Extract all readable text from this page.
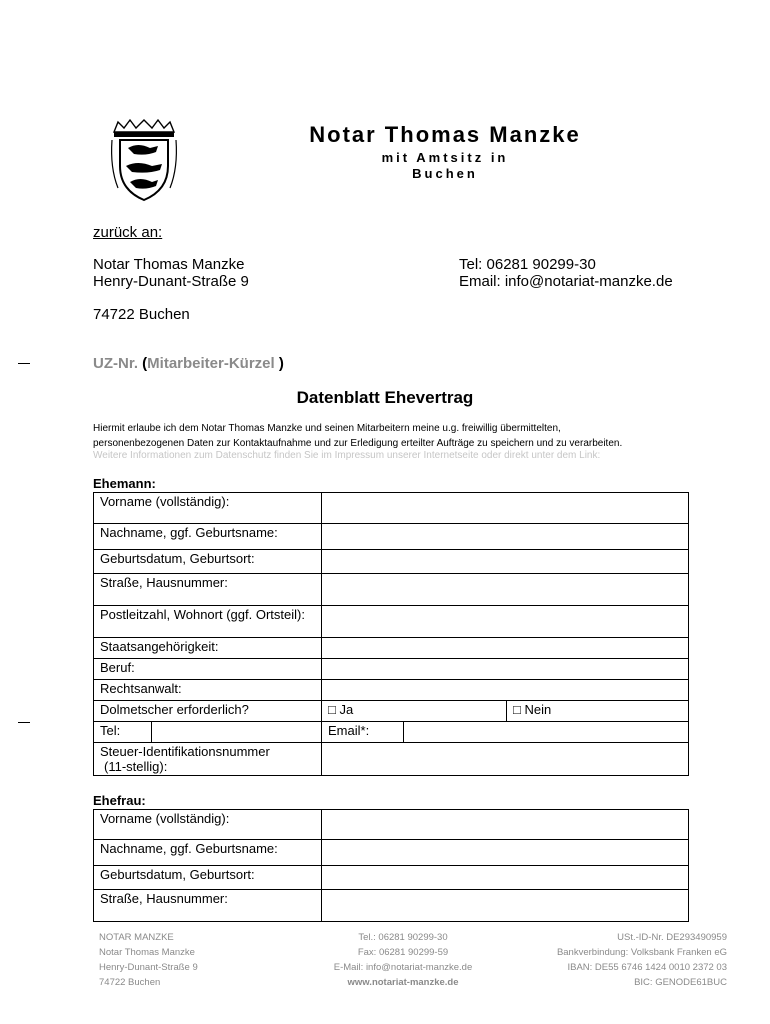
Notar Thomas Manzke
mit Amtsitz in
Buchen
zurück an:
Notar Thomas Manzke
Henry-Dunant-Straße 9
74722 Buchen
Tel: 06281 90299-30
Email: info@notariat-manzke.de
UZ-Nr. (Mitarbeiter-Kürzel )
Datenblatt Ehevertrag
Hiermit erlaube ich dem Notar Thomas Manzke und seinen Mitarbeitern meine u.g. freiwillig übermittelten,
personenbezogenen Daten zur Kontaktaufnahme und zur Erledigung erteilter Aufträge zu speichern und zu verarbeiten.
Weitere Informationen zum Datenschutz finden Sie im Impressum unserer Internetseite oder direkt unter dem Link:
Ehemann:
Vorname (vollständig):				
Nachname, ggf. Geburtsname:				
Geburtsdatum, Geburtsort:				
Straße, Hausnummer:				
Postleitzahl, Wohnort (ggf. Ortsteil):				
Staatsangehörigkeit:				
Beruf:				
Rechtsanwalt:				
Dolmetscher erforderlich?		□ Ja		□ Nein
Tel:		Email*:		

Steuer-Identifikationsnummer
(11-stellig):				

Ehefrau:
Vorname (vollständig):	
Nachname, ggf. Geburtsname:	
Geburtsdatum, Geburtsort:	
Straße, Hausnummer:	
NOTAR MANZKE
Notar Thomas Manzke
Henry-Dunant-Straße 9
74722 Buchen
Tel.: 06281 90299-30
Fax: 06281 90299-59
E-Mail: info@notariat-manzke.de
www.notariat-manzke.de
USt.-ID-Nr. DE293490959
Bankverbindung: Volksbank Franken eG
IBAN: DE55 6746 1424 0010 2372 03
BIC: GENODE61BUC
